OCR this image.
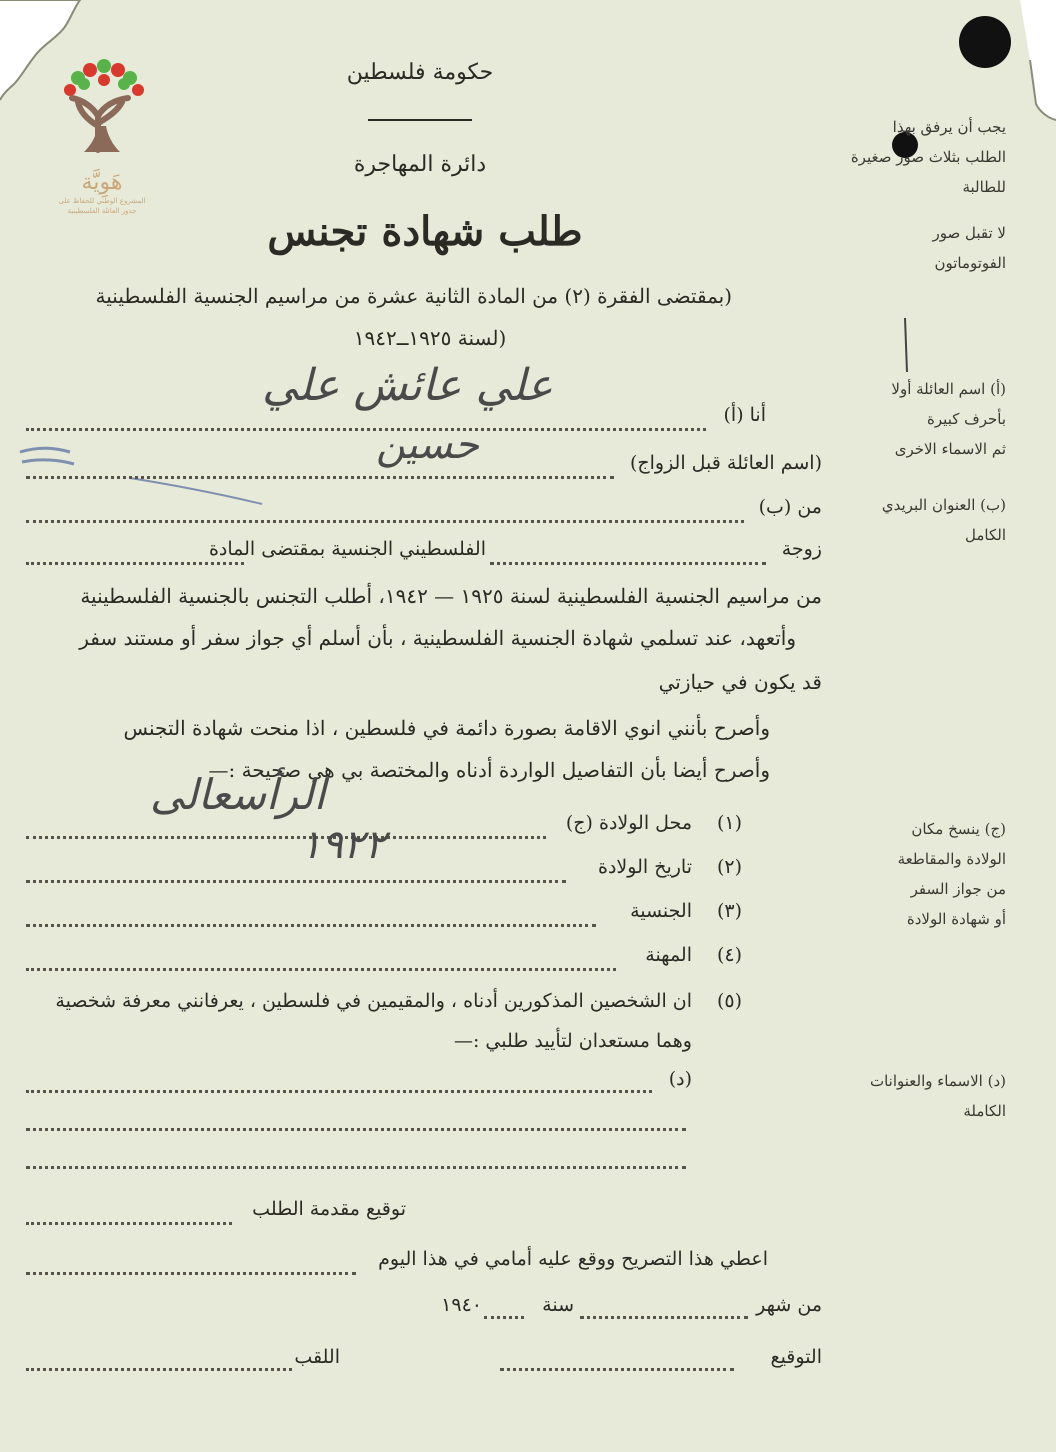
هَوِيَّة
المشروع الوطني للحفاظ على
جذور العائلة الفلسطينية
حكومة فلسطين
دائرة المهاجرة
طلب شهادة تجنس
(بمقتضى الفقرة (٢) من المادة الثانية عشرة من مراسيم الجنسية الفلسطينية
لسنة ١٩٢٥ــ١٩٤٢)
يجب أن يرفق بهذا
الطلب بثلاث صور صغيرة
للطالبة
لا تقبل صور
الفوتوماتون
(أ) اسم العائلة أولا
بأحرف كبيرة
ثم الاسماء الاخرى
(ب) العنوان البريدي
الكامل
(ج) ينسخ مكان
الولادة والمقاطعة
من جواز السفر
أو شهادة الولادة
(د) الاسماء والعنوانات
الكاملة
أنا (أ)
علي عائش علي
(اسم العائلة قبل الزواج)
حسين
من (ب)
زوجة
الفلسطيني الجنسية بمقتضى المادة
من مراسيم الجنسية الفلسطينية لسنة ١٩٢٥ — ١٩٤٢، أطلب التجنس بالجنسية الفلسطينية
وأتعهد، عند تسلمي شهادة الجنسية الفلسطينية ، بأن أسلم أي جواز سفر أو مستند سفر
قد يكون في حيازتي
وأصرح بأنني انوي الاقامة بصورة دائمة في فلسطين ، اذا منحت شهادة التجنس
وأصرح أيضا بأن التفاصيل الواردة أدناه والمختصة بي هي صحيحة :—
(١)
محل الولادة (ج)
الرأسعالى
(٢)
تاريخ الولادة
١٩٢٢
(٣)
الجنسية
(٤)
المهنة
(٥)
ان الشخصين المذكورين أدناه ، والمقيمين في فلسطين ، يعرفانني معرفة شخصية
وهما مستعدان لتأييد طلبي :—
(د)
توقيع مقدمة الطلب
اعطي هذا التصريح ووقع عليه أمامي في هذا اليوم
من شهر
سنة
١٩٤٠
التوقيع
اللقب
